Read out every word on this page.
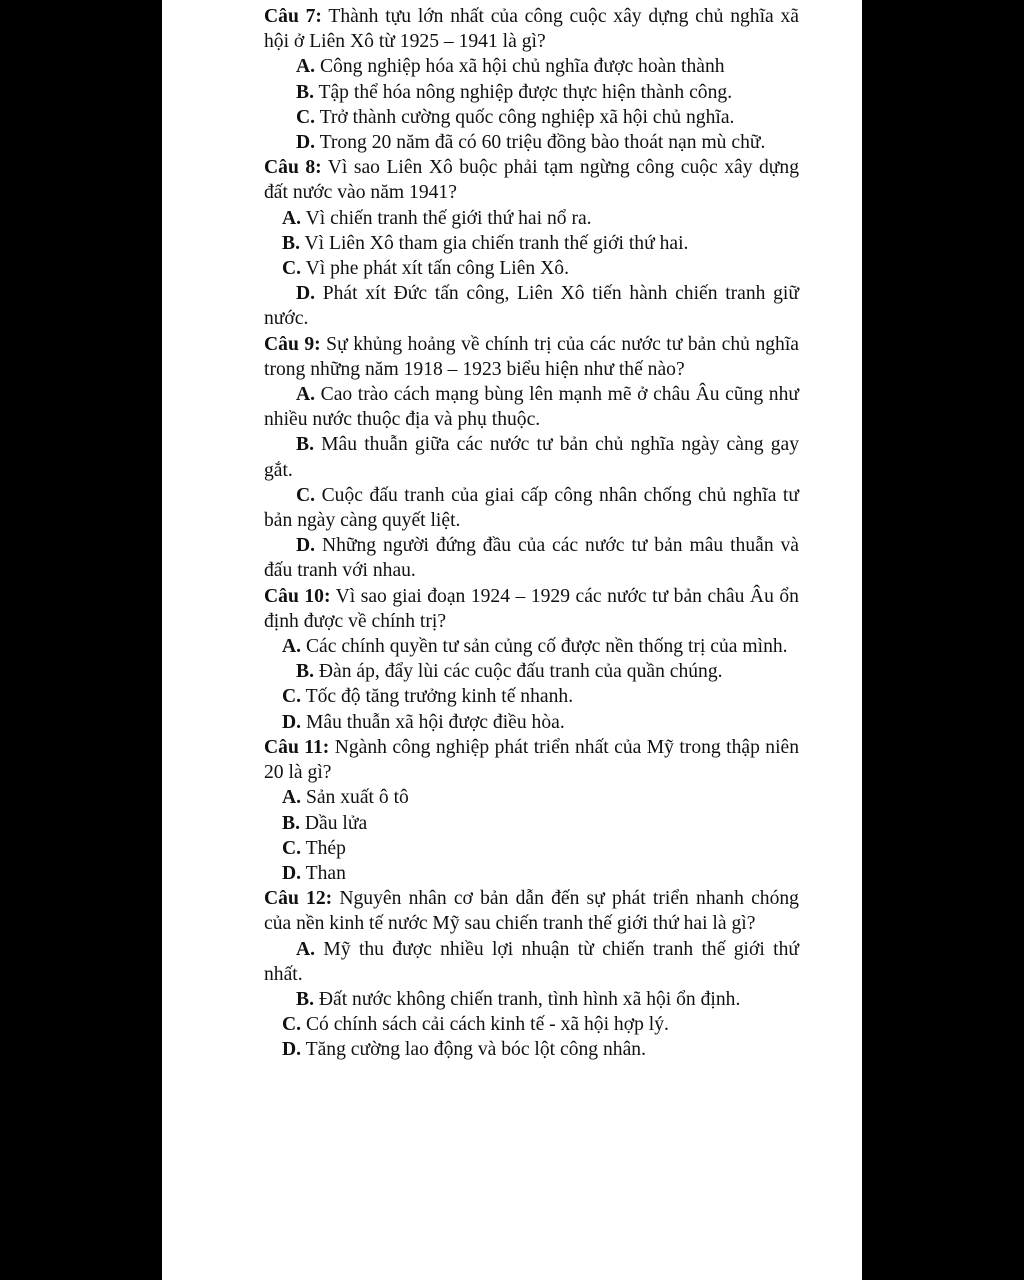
Câu 7: Thành tựu lớn nhất của công cuộc xây dựng chủ nghĩa xã hội ở Liên Xô từ 1925 – 1941 là gì?

A. Công nghiệp hóa xã hội chủ nghĩa được hoàn thành

B. Tập thể hóa nông nghiệp được thực hiện thành công.

C. Trở thành cường quốc công nghiệp xã hội chủ nghĩa.

D. Trong 20 năm đã có 60 triệu đồng bào thoát nạn mù chữ.

Câu 8: Vì sao Liên Xô buộc phải tạm ngừng công cuộc xây dựng đất nước vào năm 1941?

A. Vì chiến tranh thế giới thứ hai nổ ra.

B. Vì Liên Xô tham gia chiến tranh thế giới thứ hai.

C. Vì phe phát xít tấn công Liên Xô.

D. Phát xít Đức tấn công, Liên Xô tiến hành chiến tranh giữ nước.

Câu 9: Sự khủng hoảng về chính trị của các nước tư bản chủ nghĩa trong những năm 1918 – 1923 biểu hiện như thế nào?

A. Cao trào cách mạng bùng lên mạnh mẽ ở châu Âu cũng như nhiều nước thuộc địa và phụ thuộc.

B. Mâu thuẫn giữa các nước tư bản chủ nghĩa ngày càng gay gắt.

C. Cuộc đấu tranh của giai cấp công nhân chống chủ nghĩa tư bản ngày càng quyết liệt.

D. Những người đứng đầu của các nước tư bản mâu thuẫn và đấu tranh với nhau.

Câu 10: Vì sao giai đoạn 1924 – 1929 các nước tư bản châu Âu ổn định được về chính trị?

A. Các chính quyền tư sản củng cố được nền thống trị của mình.

B. Đàn áp, đẩy lùi các cuộc đấu tranh của quần chúng.

C. Tốc độ tăng trưởng kinh tế nhanh.

D. Mâu thuẫn xã hội được điều hòa.

Câu 11: Ngành công nghiệp phát triển nhất của Mỹ trong thập niên 20 là gì?

A. Sản xuất ô tô

B. Dầu lửa

C. Thép

D. Than

Câu 12: Nguyên nhân cơ bản dẫn đến sự phát triển nhanh chóng của nền kinh tế nước Mỹ sau chiến tranh thế giới thứ hai là gì?

A. Mỹ thu được nhiều lợi nhuận từ chiến tranh thế giới thứ nhất.

B. Đất nước không chiến tranh, tình hình xã hội ổn định.

C. Có chính sách cải cách kinh tế - xã hội hợp lý.

D. Tăng cường lao động và bóc lột công nhân.
